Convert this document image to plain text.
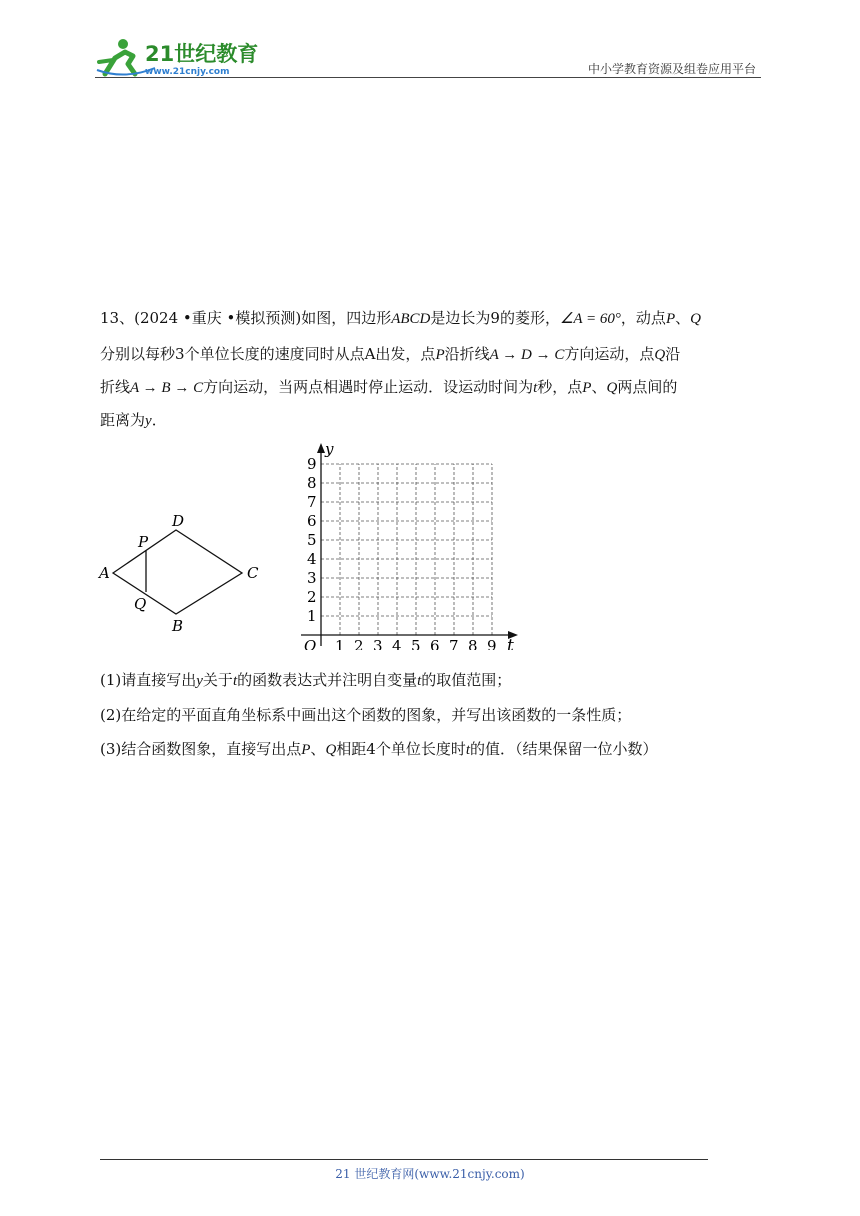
21世纪教育
www.21cnjy.com	中小学教育资源及组卷应用平台
13、(2024 •重庆 •模拟预测)如图，四边形ABCD是边长为9的菱形，∠A = 60°，动点P、Q
分别以每秒3个单位长度的速度同时从点A出发，点P沿折线A → D → C方向运动，点Q沿
折线A → B → C方向运动，当两点相遇时停止运动．设运动时间为t秒，点P、Q两点间的
距离为y．
A
D
C
B
P
Q
O	t
y
1 2 3 4 5 6 7 8 9
1
2
3
4
5
6
7
8
9
(1)请直接写出y关于t的函数表达式并注明自变量t的取值范围；
(2)在给定的平面直角坐标系中画出这个函数的图象，并写出该函数的一条性质；
(3)结合函数图象，直接写出点P、Q相距4个单位长度时t的值．（结果保留一位小数）
21 世纪教育网(www.21cnjy.com)
